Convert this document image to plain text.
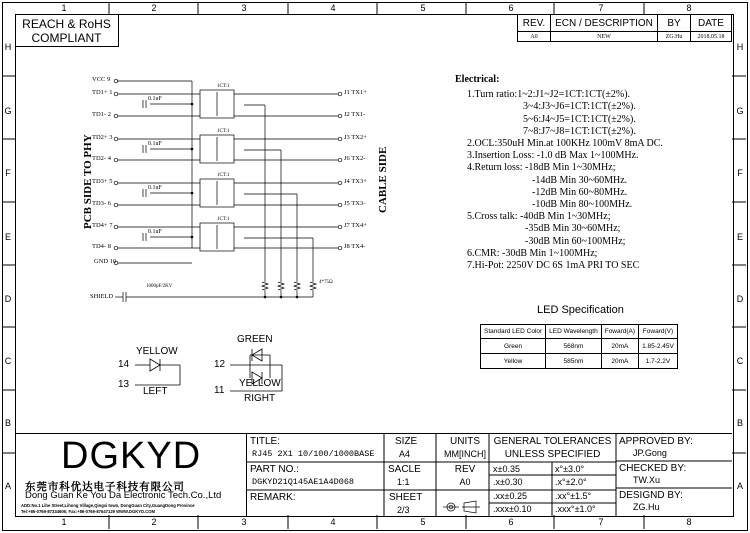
1	2	3	4	5	6	7	8
1	2	3	4	5	6	7	8
H
G
F
E
D
C
B
A
H
G
F
E
D
C
B
A
REACH & RoHS
COMPLIANT
REV.	ECN / DESCRIPTION	BY	DATE
A0	NEW	ZG.Hu	2018.05.18
PCB SIDE TO PHY	CABLE SIDE
VCC 9
TD1+ 1
TD1- 2
TD2+ 3
TD2- 4
TD3+ 5
TD3- 6
TD4+ 7
TD4- 8
GND 10
J1 TX1+
J2 TX1-
J3 TX2+
J6 TX2-
J4 TX3+
J5 TX3-
J7 TX4+
J8 TX4-
0.1uF
0.1uF
0.1uF
0.1uF
1CT:1
1CT:1
1CT:1
1CT:1
4*75Ω
SHIELD
1000pF/2KV
Electrical:
1.Turn ratio:1~2:J1~J2=1CT:1CT(±2%).
3~4:J3~J6=1CT:1CT(±2%).
5~6:J4~J5=1CT:1CT(±2%).
7~8:J7~J8=1CT:1CT(±2%).
2.OCL:350uH Min.at 100KHz 100mV 8mA DC.
3.Insertion Loss: -1.0 dB Max 1~100MHz.
4.Return loss: -18dB Min 1~30MHz;
-14dB Min 30~60MHz.
-12dB Min 60~80MHz.
-10dB Min 80~100MHz.
5.Cross talk: -40dB Min 1~30MHz;
-35dB Min 30~60MHz;
-30dB Min 60~100MHz;
6.CMR: -30dB Min 1~100MHz;
7.Hi-Pot: 2250V DC 6S 1mA PRI TO SEC
LED Specification
Standard LED Color	LED Wavelength	Foward(A)	Foward(V)
Green	568nm	20mA	1.85-2.45V
Yellow	585nm	20mA	1.7-2.2V
YELLOW
14
13
LEFT
GREEN
12
11
YELLOW
RIGHT
DGKYD
东 莞 市 科 优 达 电 子 科 技 有 限 公 司
Dong Guan Ke You Da Electronic Tech.Co.,Ltd
ADD:No.1 Lihe Street,Lihong Village,Qingxi town, DongGuan City,GuangDong Province
Tel:+86-0769-87334606; Fax:+86-0769-87647129 WWW.DGKYD.COM
TITLE:
RJ45 2X1 10/100/1000BASE
SIZE
A4
UNITS
MM[INCH]
PART NO.:
DGKYD21Q145AE1A4D068
SACLE
1:1
REV
A0
REMARK:	SHEET
2/3
GENERAL TOLERANCES
UNLESS SPECIFIED
x±0.35	x°±3.0°
.x±0.30	.x°±2.0°
.xx±0.25	.xx°±1.5°
.xxx±0.10	.xxx°±1.0°
APPROVED BY:
JP.Gong
CHECKED BY:
TW.Xu
DESIGND BY:
ZG.Hu
